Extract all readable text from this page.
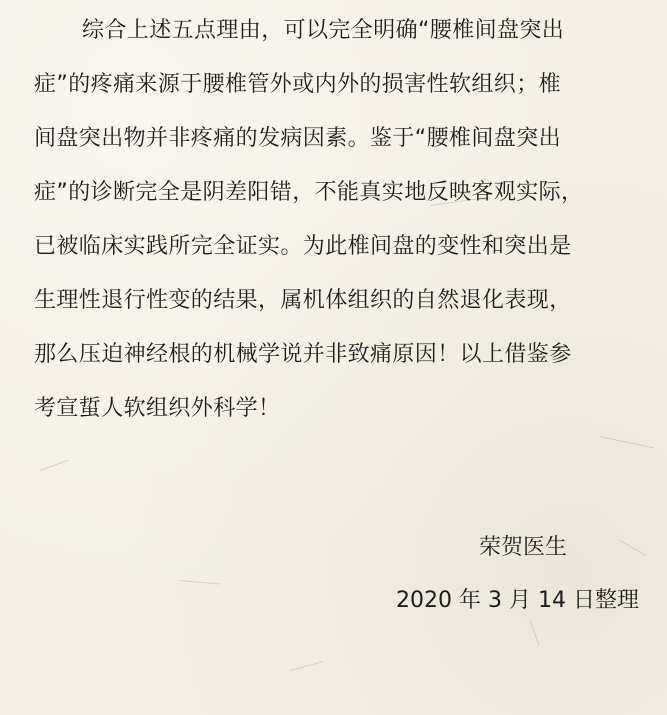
综合上述五点理由，可以完全明确“腰椎间盘突出
症”的疼痛来源于腰椎管外或内外的损害性软组织；椎
间盘突出物并非疼痛的发病因素。鉴于“腰椎间盘突出
症”的诊断完全是阴差阳错，不能真实地反映客观实际，
已被临床实践所完全证实。为此椎间盘的变性和突出是
生理性退行性变的结果，属机体组织的自然退化表现，
那么压迫神经根的机械学说并非致痛原因！以上借鉴参
考宣蜇人软组织外科学！
荣贺医生
2020 年 3 月 14 日整理
